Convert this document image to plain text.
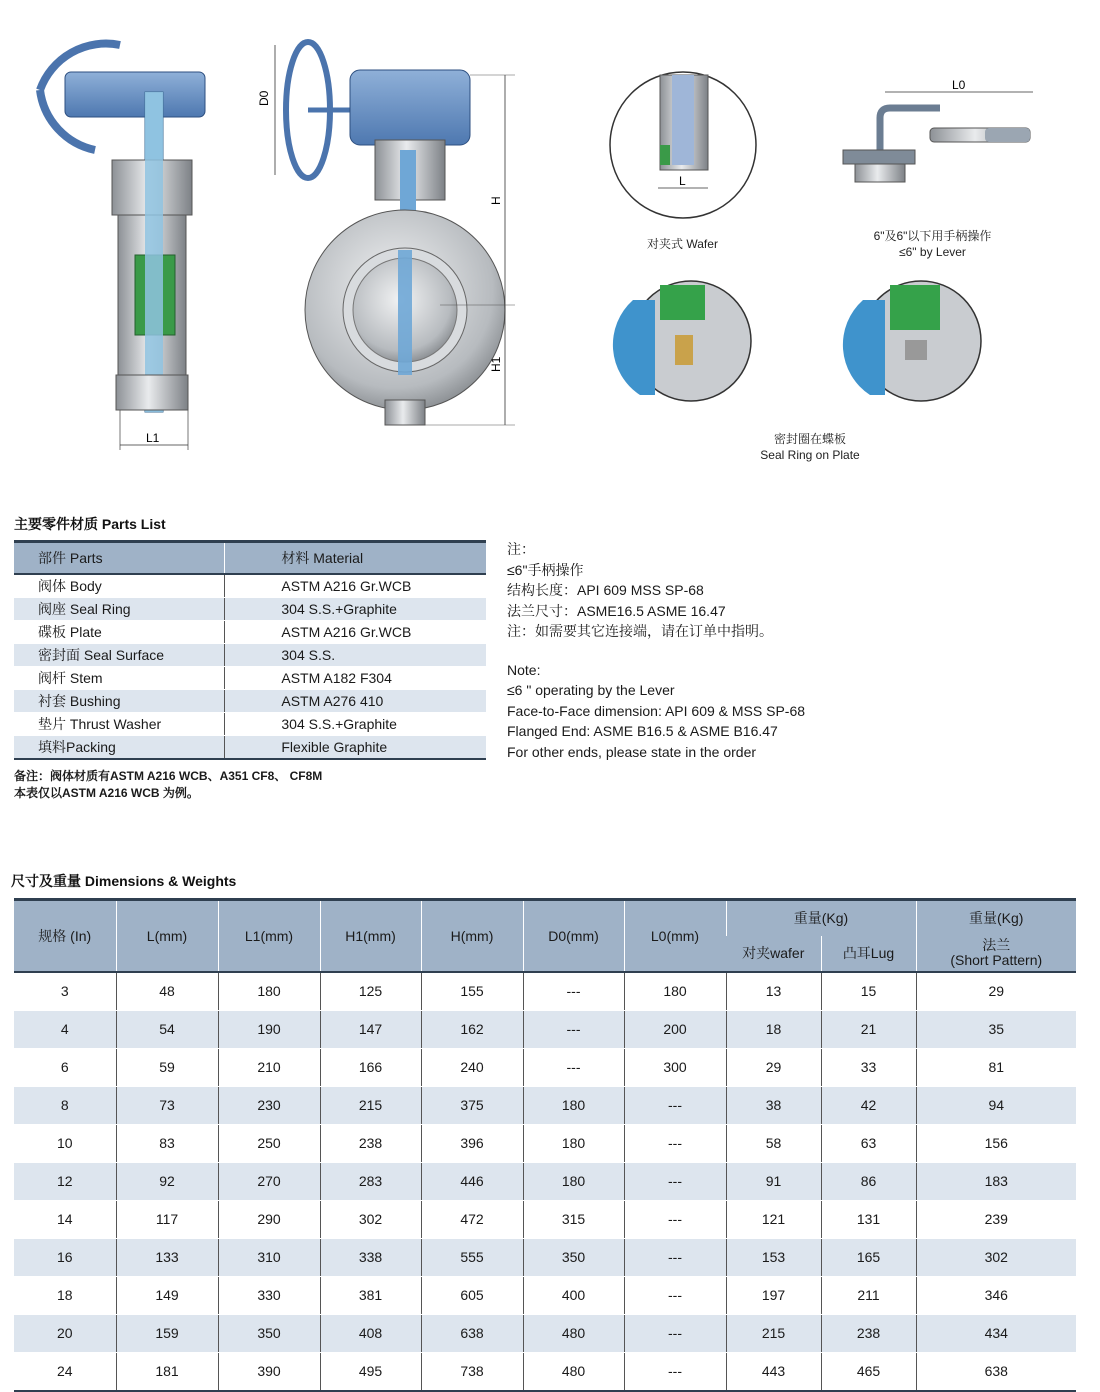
L1
D0
H
H1
L
L0
对夹式 Wafer
6"及6"以下用手柄操作
≤6" by Lever
密封圈在蝶板
Seal Ring on Plate
主要零件材质 Parts List
部件 Parts	材料 Material
阀体 Body	ASTM A216 Gr.WCB
阀座 Seal Ring	304 S.S.+Graphite
碟板 Plate	ASTM A216 Gr.WCB
密封面 Seal Surface	304 S.S.
阀杆 Stem	ASTM A182 F304
衬套 Bushing	ASTM A276 410
垫片 Thrust Washer	304 S.S.+Graphite
填料Packing	Flexible Graphite
备注：阀体材质有ASTM A216 WCB、A351 CF8、 CF8M
本表仅以ASTM A216 WCB 为例。
注：
≤6"手柄操作
结构长度：API 609 MSS SP-68
法兰尺寸：ASME16.5 ASME 16.47
注：如需要其它连接端，请在订单中指明。
Note:
≤6 " operating by the Lever
Face-to-Face dimension: API 609 & MSS SP-68
Flanged End: ASME B16.5 & ASME B16.47
For other ends, please state in the order
尺寸及重量 Dimensions & Weights
规格 (In)	L(mm)	L1(mm)	H1(mm)	H(mm)	D0(mm)	L0(mm)	重量(Kg)		重量(Kg)
							对夹wafer	凸耳Lug	法兰
(Short Pattern)

3	48	180	125	155	---	180	13	15	29
4	54	190	147	162	---	200	18	21	35
6	59	210	166	240	---	300	29	33	81
8	73	230	215	375	180	---	38	42	94
10	83	250	238	396	180	---	58	63	156
12	92	270	283	446	180	---	91	86	183
14	117	290	302	472	315	---	121	131	239
16	133	310	338	555	350	---	153	165	302
18	149	330	381	605	400	---	197	211	346
20	159	350	408	638	480	---	215	238	434
24	181	390	495	738	480	---	443	465	638
